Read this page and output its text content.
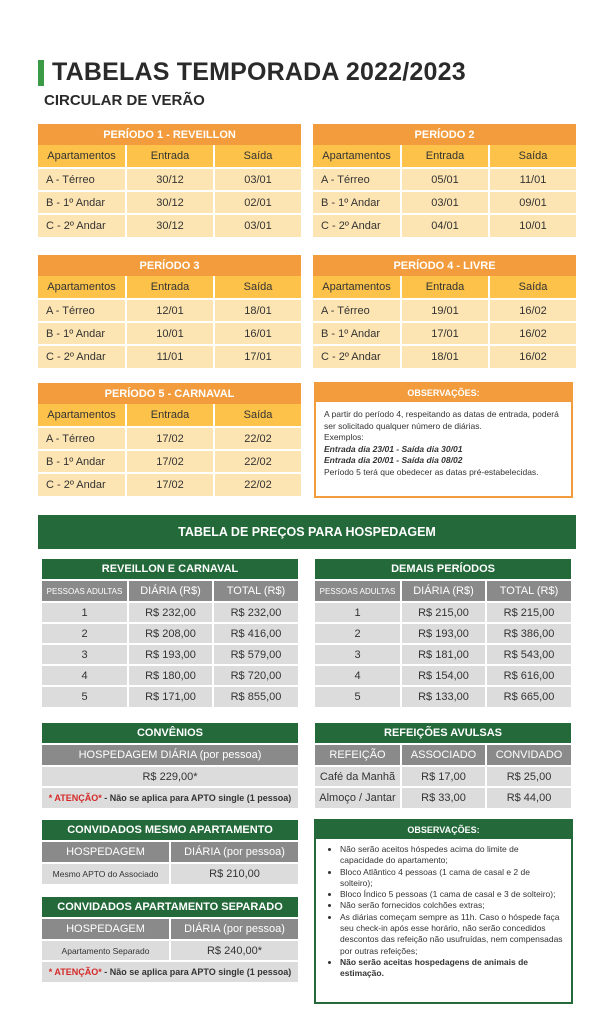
TABELAS TEMPORADA 2022/2023
CIRCULAR DE VERÃO
PERÍODO 1 - REVEILLON		
Apartamentos	Entrada	Saída
A - Térreo	30/12	03/01
B - 1º Andar	30/12	02/01
C - 2º Andar	30/12	03/01
PERÍODO 2		
Apartamentos	Entrada	Saída
A - Térreo	05/01	11/01
B - 1º Andar	03/01	09/01
C - 2º Andar	04/01	10/01
PERÍODO 3		
Apartamentos	Entrada	Saída
A - Térreo	12/01	18/01
B - 1º Andar	10/01	16/01
C - 2º Andar	11/01	17/01
PERÍODO 4 - LIVRE		
Apartamentos	Entrada	Saída
A - Térreo	19/01	16/02
B - 1º Andar	17/01	16/02
C - 2º Andar	18/01	16/02
PERÍODO 5 - CARNAVAL		
Apartamentos	Entrada	Saída
A - Térreo	17/02	22/02
B - 1º Andar	17/02	22/02
C - 2º Andar	17/02	22/02
OBSERVAÇÕES:
A partir do período 4, respeitando as datas de entrada, poderá ser solicitado qualquer número de diárias.
Exemplos:
Entrada dia 23/01 - Saída dia 30/01
Entrada dia 20/01 - Saída dia 08/02
Período 5 terá que obedecer as datas pré-estabelecidas.
TABELA DE PREÇOS PARA HOSPEDAGEM
REVEILLON E CARNAVAL		
PESSOAS ADULTAS	DIÁRIA (R$)	TOTAL (R$)
1	R$ 232,00	R$ 232,00
2	R$ 208,00	R$ 416,00
3	R$ 193,00	R$ 579,00
4	R$ 180,00	R$ 720,00
5	R$ 171,00	R$ 855,00
DEMAIS PERÍODOS		
PESSOAS ADULTAS	DIÁRIA (R$)	TOTAL (R$)
1	R$ 215,00	R$ 215,00
2	R$ 193,00	R$ 386,00
3	R$ 181,00	R$ 543,00
4	R$ 154,00	R$ 616,00
5	R$ 133,00	R$ 665,00
CONVÊNIOS
HOSPEDAGEM DIÁRIA (por pessoa)
R$ 229,00*
* ATENÇÃO* - Não se aplica para APTO single (1 pessoa)
REFEIÇÕES AVULSAS		
REFEIÇÃO	ASSOCIADO	CONVIDADO
Café da Manhã	R$ 17,00	R$ 25,00
Almoço / Jantar	R$ 33,00	R$ 44,00
CONVIDADOS MESMO APARTAMENTO	
HOSPEDAGEM	DIÁRIA (por pessoa)
Mesmo APTO do Associado	R$ 210,00
CONVIDADOS APARTAMENTO SEPARADO	
HOSPEDAGEM	DIÁRIA (por pessoa)
Apartamento Separado	R$ 240,00*
* ATENÇÃO* - Não se aplica para APTO single (1 pessoa)	
OBSERVAÇÕES:
• Não serão aceitos hóspedes acima do limite de capacidade do apartamento;
• Bloco Atlântico 4 pessoas (1 cama de casal e 2 de solteiro);
• Bloco Índico 5 pessoas (1 cama de casal e 3 de solteiro);
• Não serão fornecidos colchões extras;
• As diárias começam sempre as 11h. Caso o hóspede faça seu check-in após esse horário, não serão concedidos descontos das refeição não usufruídas, nem compensadas por outras refeições;
• Não serão aceitas hospedagens de animais de estimação.
